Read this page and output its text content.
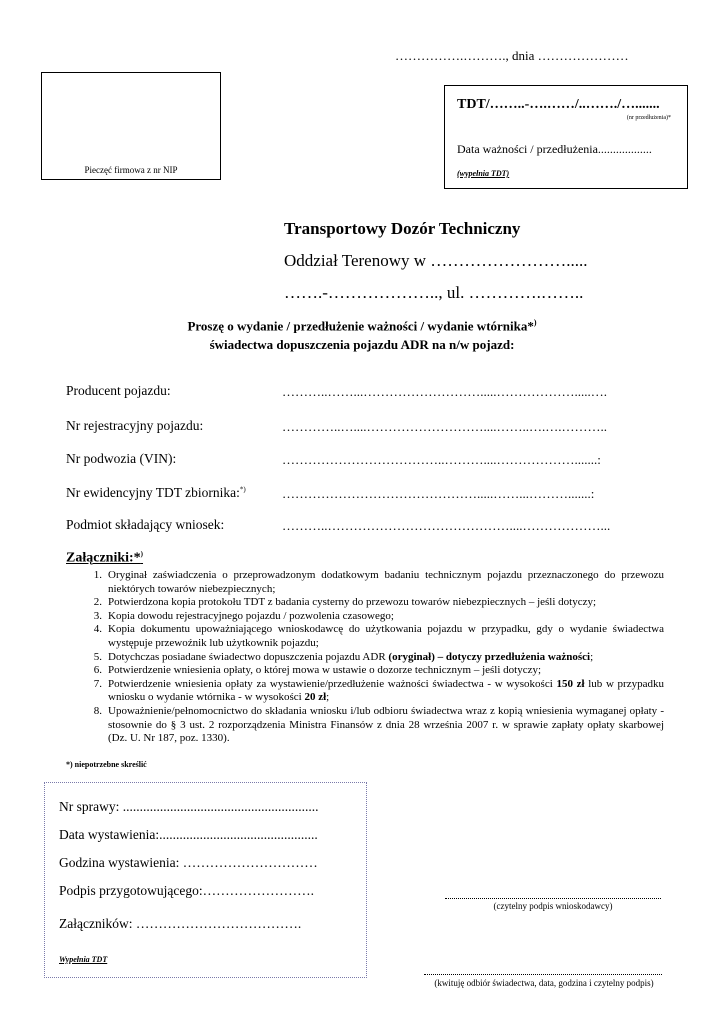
…………….………., dnia …………………
Pieczęć firmowa z nr NIP
TDT/……..-….……/..……./….......
(nr przedłużenia)*
Data ważności / przedłużenia..................
(wypełnia TDT)
Transportowy Dozór Techniczny
Oddział Terenowy w …………………….....
…….-……………….., ul. ………….……..
Proszę o wydanie / przedłużenie ważności / wydanie wtórnika*)
świadectwa dopuszczenia pojazdu ADR na n/w pojazd:
Producent pojazdu:	………..……...……………………….....……………….....….
Nr rejestracyjny pojazdu:	…………..…....………………………....……..….….………..
Nr podwozia (VIN):	………………………………..………....……………….......:
Nr ewidencyjny TDT zbiornika:*)	……………………………………….....……...……….......:
Podmiot składający wniosek:	………..……………………………………....………………...
Załączniki:*)
1. Oryginał zaświadczenia o przeprowadzonym dodatkowym badaniu technicznym pojazdu przeznaczonego do przewozu niektórych towarów niebezpiecznych;
2. Potwierdzona kopia protokołu TDT z badania cysterny do przewozu towarów niebezpiecznych – jeśli dotyczy;
3. Kopia dowodu rejestracyjnego pojazdu / pozwolenia czasowego;
4. Kopia dokumentu upoważniającego wnioskodawcę do użytkowania pojazdu w przypadku, gdy o wydanie świadectwa występuje przewoźnik lub użytkownik pojazdu;
5. Dotychczas posiadane świadectwo dopuszczenia pojazdu ADR (oryginał) – dotyczy przedłużenia ważności;
6. Potwierdzenie wniesienia opłaty, o której mowa w ustawie o dozorze technicznym – jeśli dotyczy;
7. Potwierdzenie wniesienia opłaty za wystawienie/przedłużenie ważności świadectwa - w wysokości 150 zł lub w przypadku wniosku o wydanie wtórnika - w wysokości 20 zł;
8. Upoważnienie/pełnomocnictwo do składania wniosku i/lub odbioru świadectwa wraz z kopią wniesienia wymaganej opłaty - stosownie do § 3 ust. 2 rozporządzenia Ministra Finansów z dnia 28 września 2007 r. w sprawie zapłaty opłaty skarbowej (Dz. U. Nr 187, poz. 1330).
*) niepotrzebne skreślić
Nr sprawy: ..........................................................
Data wystawienia:...............................................
Godzina wystawienia: …………………………
Podpis przygotowującego:…………………….
Załączników: ……………………………….
Wypełnia TDT
(czytelny podpis wnioskodawcy)
(kwituję odbiór świadectwa, data, godzina i czytelny podpis)
